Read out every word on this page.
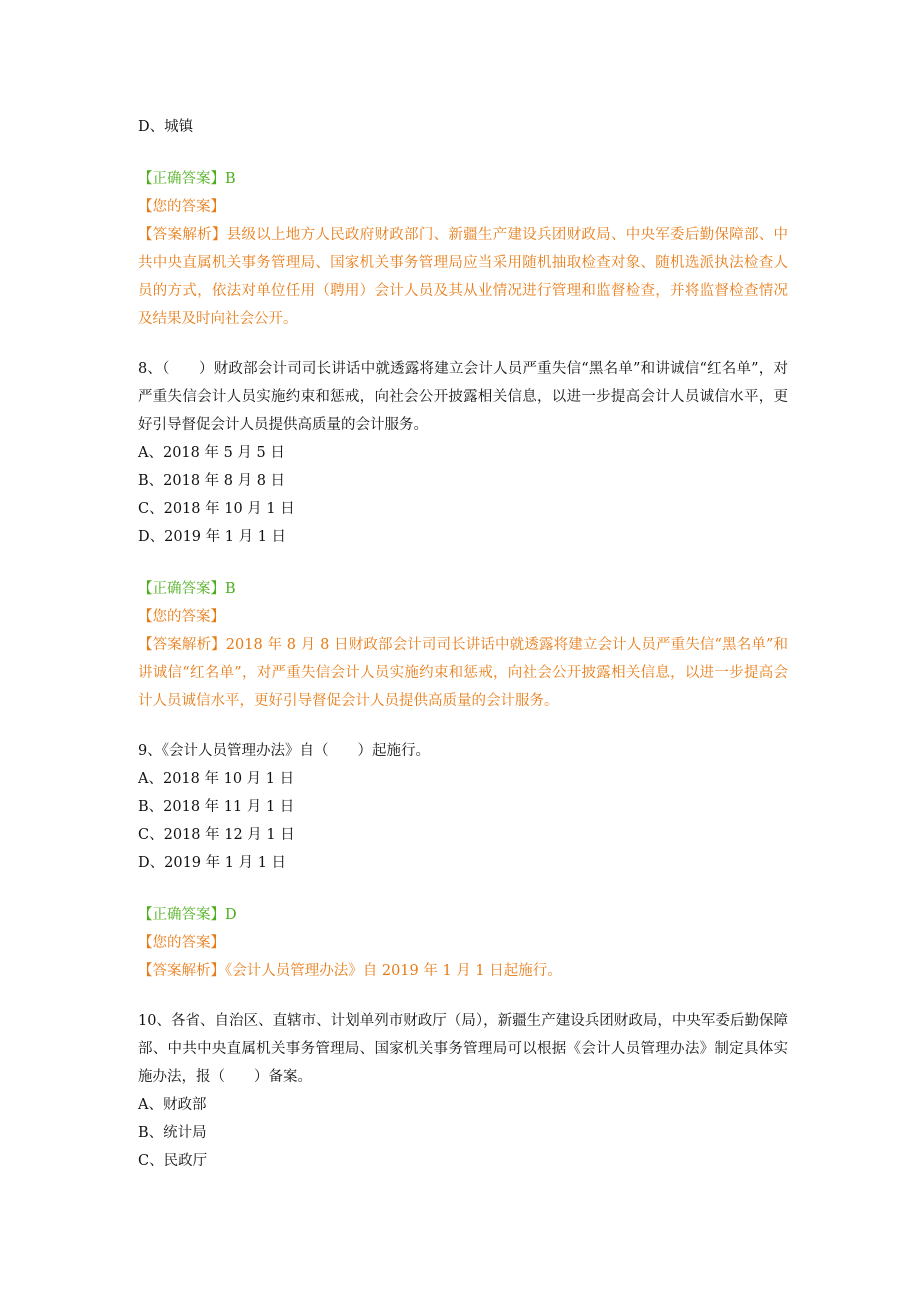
D、城镇
【正确答案】B
【您的答案】
【答案解析】县级以上地方人民政府财政部门、新疆生产建设兵团财政局、中央军委后勤保障部、中共中央直属机关事务管理局、国家机关事务管理局应当采用随机抽取检查对象、随机选派执法检查人员的方式，依法对单位任用（聘用）会计人员及其从业情况进行管理和监督检查，并将监督检查情况及结果及时向社会公开。
8、（　　）财政部会计司司长讲话中就透露将建立会计人员严重失信“黑名单”和讲诚信“红名单”，对严重失信会计人员实施约束和惩戒，向社会公开披露相关信息，以进一步提高会计人员诚信水平，更好引导督促会计人员提供高质量的会计服务。
A、2018 年 5 月 5 日
B、2018 年 8 月 8 日
C、2018 年 10 月 1 日
D、2019 年 1 月 1 日
【正确答案】B
【您的答案】
【答案解析】2018 年 8 月 8 日财政部会计司司长讲话中就透露将建立会计人员严重失信“黑名单”和讲诚信“红名单”，对严重失信会计人员实施约束和惩戒，向社会公开披露相关信息，以进一步提高会计人员诚信水平，更好引导督促会计人员提供高质量的会计服务。
9、《会计人员管理办法》自（　　）起施行。
A、2018 年 10 月 1 日
B、2018 年 11 月 1 日
C、2018 年 12 月 1 日
D、2019 年 1 月 1 日
【正确答案】D
【您的答案】
【答案解析】《会计人员管理办法》自 2019 年 1 月 1 日起施行。
10、各省、自治区、直辖市、计划单列市财政厅（局），新疆生产建设兵团财政局，中央军委后勤保障部、中共中央直属机关事务管理局、国家机关事务管理局可以根据《会计人员管理办法》制定具体实施办法，报（　　）备案。
A、财政部
B、统计局
C、民政厅
